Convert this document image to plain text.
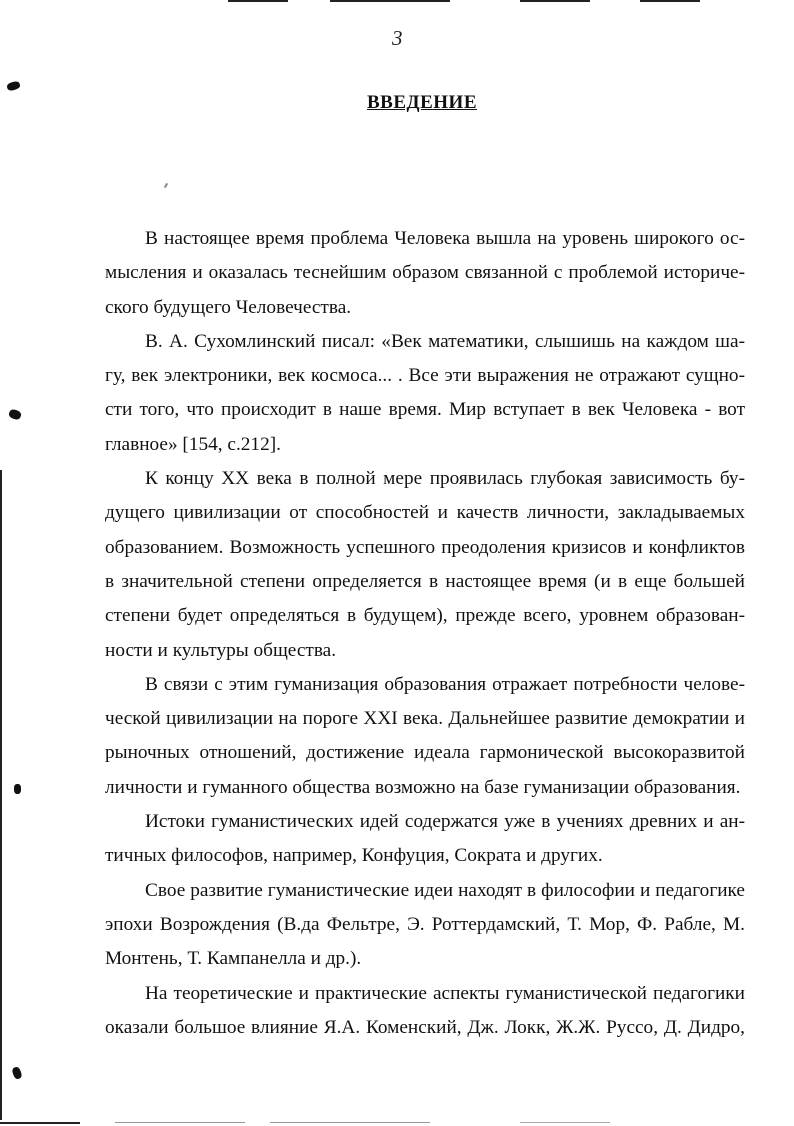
3
ВВЕДЕНИЕ

В настоящее время проблема Человека вышла на уровень широкого ос-
мысления и оказалась теснейшим образом связанной с проблемой историче-
ского будущего Человечества.

В. А. Сухомлинский писал: «Век математики, слышишь на каждом ша-
гу, век электроники, век космоса... . Все эти выражения не отражают сущно-
сти того, что происходит в наше время. Мир вступает в век Человека - вот
главное» [154, с.212].

К концу XX века в полной мере проявилась глубокая зависимость бу-
дущего цивилизации от способностей и качеств личности, закладываемых
образованием. Возможность успешного преодоления кризисов и конфликтов
в значительной степени определяется в настоящее время (и в еще большей
степени будет определяться в будущем), прежде всего, уровнем образован-
ности и культуры общества.

В связи с этим гуманизация образования отражает потребности челове-
ческой цивилизации на пороге XXI века. Дальнейшее развитие демократии и
рыночных отношений, достижение идеала гармонической высокоразвитой
личности и гуманного общества возможно на базе гуманизации образования.

Истоки гуманистических идей содержатся уже в учениях древних и ан-
тичных философов, например, Конфуция, Сократа и других.

Свое развитие гуманистические идеи находят в философии и педагогике
эпохи Возрождения (В.да Фельтре, Э. Роттердамский, Т. Мор, Ф. Рабле, М.
Монтень, Т. Кампанелла и др.).

На теоретические и практические аспекты гуманистической педагогики
оказали большое влияние Я.А. Коменский, Дж. Локк, Ж.Ж. Руссо, Д. Дидро,
